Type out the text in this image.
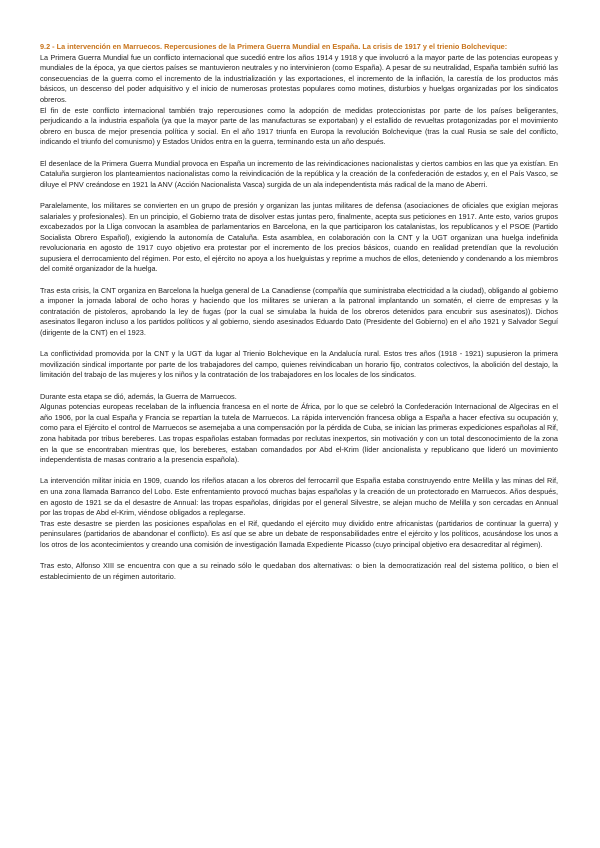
9.2 - La intervención en Marruecos. Repercusiones de la Primera Guerra Mundial en España. La crisis de 1917 y el trienio Bolchevique:

La Primera Guerra Mundial fue un conflicto internacional que sucedió entre los años 1914 y 1918 y que involucró a la mayor parte de las potencias europeas y mundiales de la época, ya que ciertos países se mantuvieron neutrales y no intervinieron (como España). A pesar de su neutralidad, España también sufrió las consecuencias de la guerra como el incremento de la industrialización y las exportaciones, el incremento de la inflación, la carestía de los productos más básicos, un descenso del poder adquisitivo y el inicio de numerosas protestas populares como motines, disturbios y huelgas organizadas por los sindicatos obreros.

El fin de este conflicto internacional también trajo repercusiones como la adopción de medidas proteccionistas por parte de los países beligerantes, perjudicando a la industria española (ya que la mayor parte de las manufacturas se exportaban) y el estallido de revueltas protagonizadas por el movimiento obrero en busca de mejor presencia política y social. En el año 1917 triunfa en Europa la revolución Bolchevique (tras la cual Rusia se sale del conflicto, indicando el triunfo del comunismo) y Estados Unidos entra en la guerra, terminando esta un año después.

El desenlace de la Primera Guerra Mundial provoca en España un incremento de las reivindicaciones nacionalistas y ciertos cambios en las que ya existían. En Cataluña surgieron los planteamientos nacionalistas como la reivindicación de la república y la creación de la confederación de estados y, en el País Vasco, se diluye el PNV creándose en 1921 la ANV (Acción Nacionalista Vasca) surgida de un ala independentista más radical de la mano de Aberri.

Paralelamente, los militares se convierten en un grupo de presión y organizan las juntas militares de defensa (asociaciones de oficiales que exigían mejoras salariales y profesionales). En un principio, el Gobierno trata de disolver estas juntas pero, finalmente, acepta sus peticiones en 1917. Ante esto, varios grupos excabezados por la Lliga convocan la asamblea de parlamentarios en Barcelona, en la que participaron los catalanistas, los republicanos y el PSOE (Partido Socialista Obrero Español), exigiendo la autonomía de Cataluña. Esta asamblea, en colaboración con la CNT y la UGT organizan una huelga indefinida revolucionaria en agosto de 1917 cuyo objetivo era protestar por el incremento de los precios básicos, cuando en realidad pretendían que la revolución supusiera el derrocamiento del régimen. Por esto, el ejército no apoya a los huelguistas y reprime a muchos de ellos, deteniendo y condenando a los miembros del comité organizador de la huelga.

Tras esta crisis, la CNT organiza en Barcelona la huelga general de La Canadiense (compañía que suministraba electricidad a la ciudad), obligando al gobierno a imponer la jornada laboral de ocho horas y haciendo que los militares se unieran a la patronal implantando un somatén, el cierre de empresas y la contratación de pistoleros, aprobando la ley de fugas (por la cual se simulaba la huida de los obreros detenidos para encubrir sus asesinatos)). Dichos asesinatos llegaron incluso a los partidos políticos y al gobierno, siendo asesinados Eduardo Dato (Presidente del Gobierno) en el año 1921 y Salvador Seguí (dirigente de la CNT) en el 1923.

La conflictividad promovida por la CNT y la UGT da lugar al Trienio Bolchevique en la Andalucía rural. Estos tres años (1918 - 1921) supusieron la primera movilización sindical importante por parte de los trabajadores del campo, quienes reivindicaban un horario fijo, contratos colectivos, la abolición del destajo, la limitación del trabajo de las mujeres y los niños y la contratación de los trabajadores en los locales de los sindicatos.

Durante esta etapa se dió, además, la Guerra de Marruecos.

Algunas potencias europeas recelaban de la influencia francesa en el norte de África, por lo que se celebró la Confederación Internacional de Algeciras en el año 1906, por la cual España y Francia se repartían la tutela de Marruecos. La rápida intervención francesa obliga a España a hacer efectiva su ocupación y, como para el Ejército el control de Marruecos se asemejaba a una compensación por la pérdida de Cuba, se inician las primeras expediciones españolas al Rif, zona habitada por tribus bereberes. Las tropas españolas estaban formadas por reclutas inexpertos, sin motivación y con un total desconocimiento de la zona en la que se encontraban mientras que, los bereberes, estaban comandados por Abd el-Krim (líder ancionalista y republicano que lideró un movimiento independentista de masas contrario a la presencia española).

La intervención militar inicia en 1909, cuando los rifeños atacan a los obreros del ferrocarril que España estaba construyendo entre Melilla y las minas del Rif, en una zona llamada Barranco del Lobo. Este enfrentamiento provocó muchas bajas españolas y la creación de un protectorado en Marruecos. Años después, en agosto de 1921 se da el desastre de Annual: las tropas españolas, dirigidas por el general Silvestre, se alejan mucho de Melilla y son cercadas en Annual por las tropas de Abd el-Krim, viéndose obligados a replegarse.

Tras este desastre se pierden las posiciones españolas en el Rif, quedando el ejército muy dividido entre africanistas (partidarios de continuar la guerra) y peninsulares (partidarios de abandonar el conflicto). Es así que se abre un debate de responsabilidades entre el ejército y los políticos, acusándose los unos a los otros de los acontecimientos y creando una comisión de investigación llamada Expediente Picasso (cuyo principal objetivo era desacreditar al régimen).

Tras esto, Alfonso XIII se encuentra con que a su reinado sólo le quedaban dos alternativas: o bien la democratización real del sistema político, o bien el establecimiento de un régimen autoritario.
